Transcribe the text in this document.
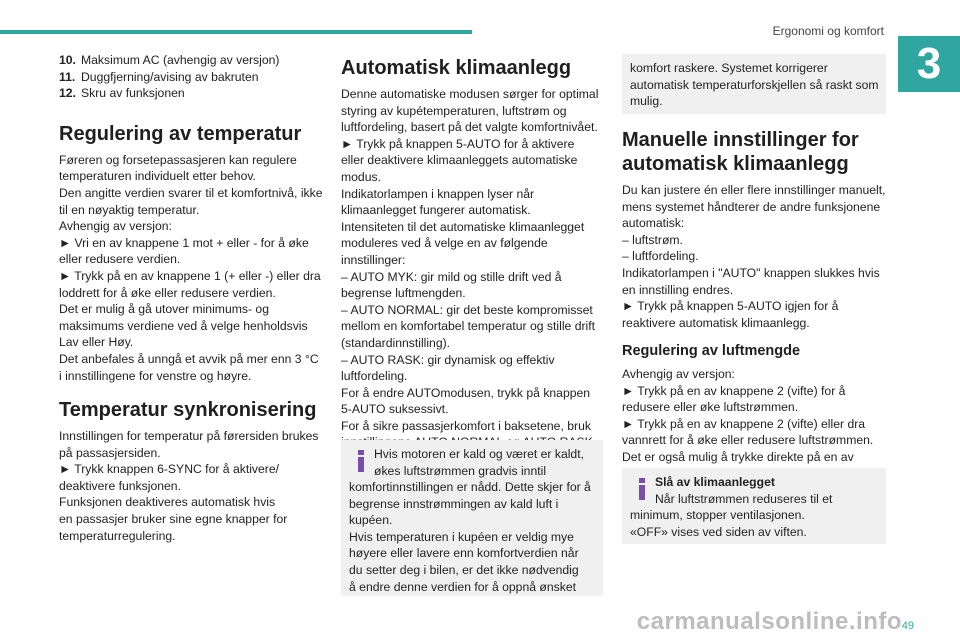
Ergonomi og komfort
3

10. Maksimum AC (avhengig av versjon)

11. Duggfjerning/avising av bakruten

12. Skru av funksjonen

Regulering av temperatur

Føreren og forsetepassasjeren kan regulere

temperaturen individuelt etter behov.

Den angitte verdien svarer til et komfortnivå, ikke

til en nøyaktig temperatur.

Avhengig av versjon:

► Vri en av knappene 1 mot + eller - for å øke

eller redusere verdien.

► Trykk på en av knappene 1 (+ eller -) eller dra

loddrett for å øke eller redusere verdien.

Det er mulig å gå utover minimums- og

maksimums verdiene ved å velge henholdsvis

Lav eller Høy.

Det anbefales å unngå et avvik på mer enn 3 °C

i innstillingene for venstre og høyre.

Temperatur synkronisering

Innstillingen for temperatur på førersiden brukes

på passasjersiden.

► Trykk knappen 6-SYNC for å aktivere/

deaktivere funksjonen.

Funksjonen deaktiveres automatisk hvis

en passasjer bruker sine egne knapper for

temperaturregulering.

Automatisk klimaanlegg

Denne automatiske modusen sørger for optimal

styring av kupétemperaturen, luftstrøm og

luftfordeling, basert på det valgte komfortnivået.

► Trykk på knappen 5-AUTO for å aktivere

eller deaktivere klimaanleggets automatiske

modus.

Indikatorlampen i knappen lyser når

klimaanlegget fungerer automatisk.

Intensiteten til det automatiske klimaanlegget

moduleres ved å velge en av følgende

innstillinger:

– AUTO MYK: gir mild og stille drift ved å

begrense luftmengden.

– AUTO NORMAL: gir det beste kompromisset

mellom en komfortabel temperatur og stille drift

(standardinnstilling).

– AUTO RASK: gir dynamisk og effektiv

luftfordeling.

For å endre AUTOmodusen, trykk på knappen

5-AUTO suksessivt.

For å sikre passasjerkomfort i baksetene, bruk

Hvis motoren er kald og været er kaldt,

økes luftstrømmen gradvis inntil

komfortinnstillingen er nådd. Dette skjer for å

begrense innstrømmingen av kald luft i

kupéen.

Hvis temperaturen i kupéen er veldig mye

høyere eller lavere enn komfortverdien når

du setter deg i bilen, er det ikke nødvendig

å endre denne verdien for å oppnå ønsket

komfort raskere. Systemet korrigerer

automatisk temperaturforskjellen så raskt som

mulig.

Manuelle innstillinger for
automatisk klimaanlegg

Du kan justere én eller flere innstillinger manuelt,

mens systemet håndterer de andre funksjonene

automatisk:

– luftstrøm.

– luftfordeling.

Indikatorlampen i "AUTO" knappen slukkes hvis

en innstilling endres.

► Trykk på knappen 5-AUTO igjen for å

reaktivere automatisk klimaanlegg.

Regulering av luftmengde

Avhengig av versjon:

► Trykk på en av knappene 2 (vifte) for å

redusere eller øke luftstrømmen.

► Trykk på en av knappene 2 (vifte) eller dra

vannrett for å øke eller redusere luftstrømmen.

Det er også mulig å trykke direkte på en av

Slå av klimaanlegget

Når luftstrømmen reduseres til et

minimum, stopper ventilasjonen.

«OFF» vises ved siden av viften.

carmanualsonline.info 49
